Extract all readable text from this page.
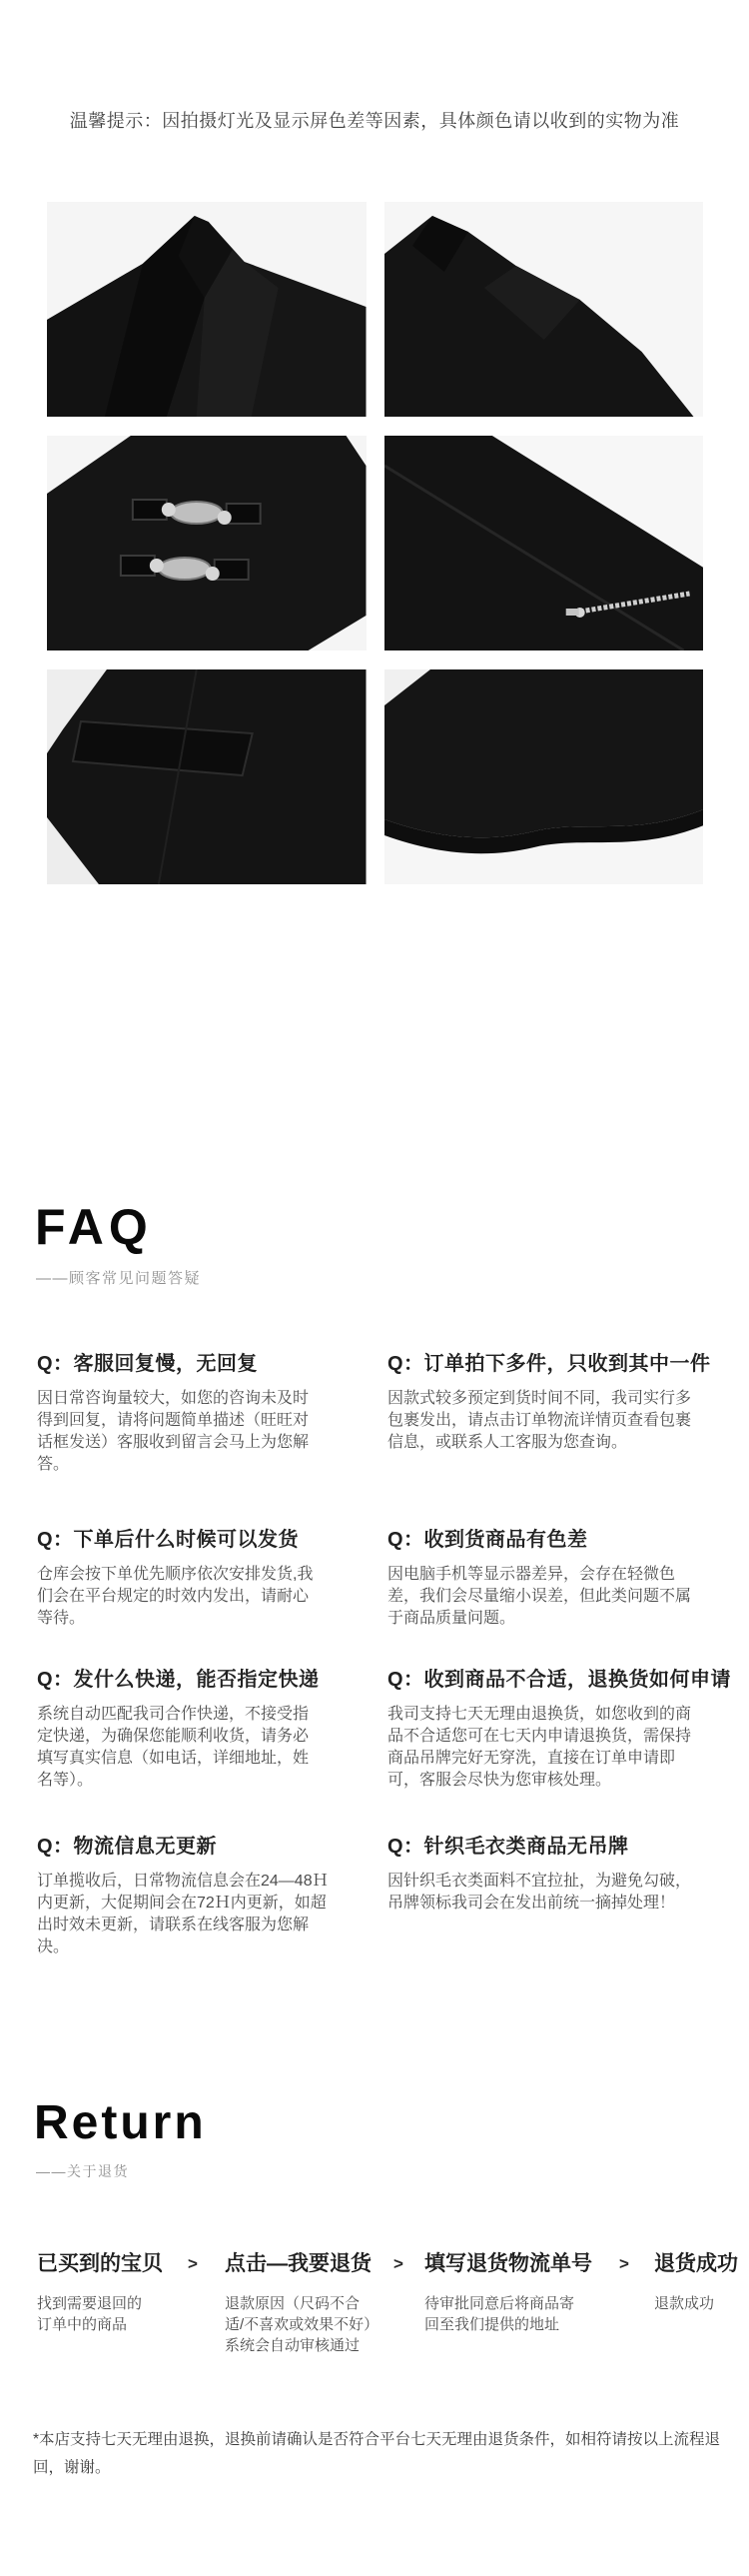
温馨提示：因拍摄灯光及显示屏色差等因素，具体颜色请以收到的实物为准
FAQ
——顾客常见问题答疑
Q：客服回复慢，无回复
因日常咨询量较大，如您的咨询未及时得到回复，请将问题简单描述（旺旺对话框发送）客服收到留言会马上为您解答。
Q：订单拍下多件，只收到其中一件
因款式较多预定到货时间不同，我司实行多包裹发出，请点击订单物流详情页查看包裹信息，或联系人工客服为您查询。
Q：下单后什么时候可以发货
仓库会按下单优先顺序依次安排发货,我们会在平台规定的时效内发出，请耐心等待。
Q：收到货商品有色差
因电脑手机等显示器差异，会存在轻微色差，我们会尽量缩小误差，但此类问题不属于商品质量问题。
Q：发什么快递，能否指定快递
系统自动匹配我司合作快递，不接受指定快递，为确保您能顺利收货，请务必填写真实信息（如电话，详细地址，姓名等）。
Q：收到商品不合适，退换货如何申请
我司支持七天无理由退换货，如您收到的商品不合适您可在七天内申请退换货，需保持商品吊牌完好无穿洗，直接在订单申请即可，客服会尽快为您审核处理。
Q：物流信息无更新
订单揽收后，日常物流信息会在24—48Ｈ内更新，大促期间会在72Ｈ内更新，如超出时效未更新，请联系在线客服为您解决。
Q：针织毛衣类商品无吊牌
因针织毛衣类面料不宜拉扯，为避免勾破，吊牌领标我司会在发出前统一摘掉处理！
Return
——关于退货
已买到的宝贝
找到需要退回的订单中的商品
> 点击—我要退货
退款原因（尺码不合适/不喜欢或效果不好）系统会自动审核通过
> 填写退货物流单号
待审批同意后将商品寄回至我们提供的地址
> 退货成功
退款成功
*本店支持七天无理由退换，退换前请确认是否符合平台七天无理由退货条件，如相符请按以上流程退回，谢谢。
